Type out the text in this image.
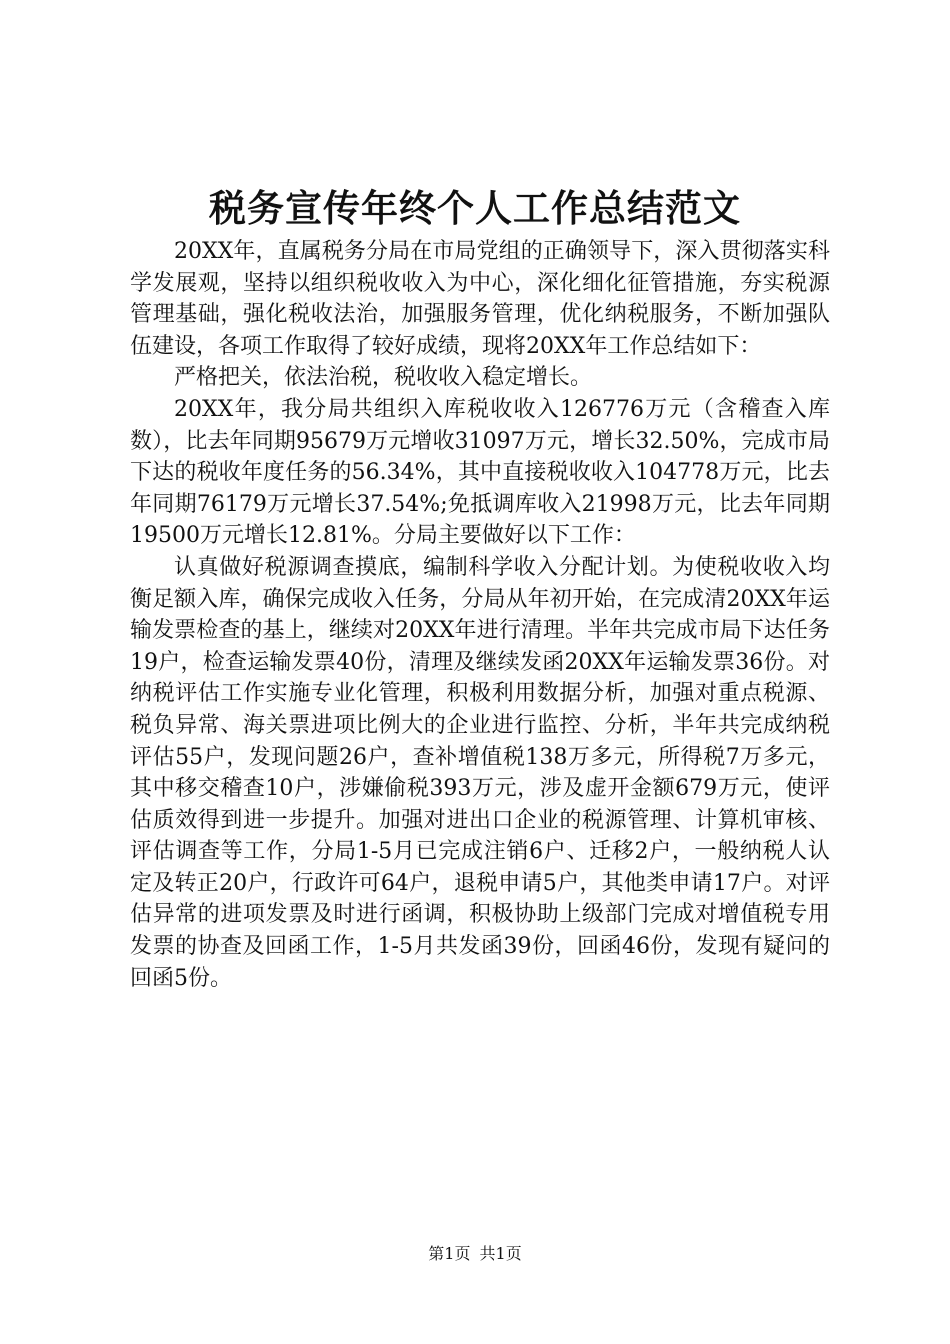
税务宣传年终个人工作总结范文

20XX年，直属税务分局在市局党组的正确领导下，深入贯彻落实科学发展观，坚持以组织税收收入为中心，深化细化征管措施，夯实税源管理基础，强化税收法治，加强服务管理，优化纳税服务，不断加强队伍建设，各项工作取得了较好成绩，现将20XX年工作总结如下：

严格把关，依法治税，税收收入稳定增长。

20XX年，我分局共组织入库税收收入126776万元（含稽查入库数），比去年同期95679万元增收31097万元，增长32.50%，完成市局下达的税收年度任务的56.34%，其中直接税收收入104778万元，比去年同期76179万元增长37.54%;免抵调库收入21998万元，比去年同期19500万元增长12.81%。分局主要做好以下工作：

认真做好税源调查摸底，编制科学收入分配计划。为使税收收入均衡足额入库，确保完成收入任务，分局从年初开始，在完成清20XX年运输发票检查的基上，继续对20XX年进行清理。半年共完成市局下达任务19户，检查运输发票40份，清理及继续发函20XX年运输发票36份。对纳税评估工作实施专业化管理，积极利用数据分析，加强对重点税源、税负异常、海关票进项比例大的企业进行监控、分析，半年共完成纳税评估55户，发现问题26户，查补增值税138万多元，所得税7万多元，其中移交稽查10户，涉嫌偷税393万元，涉及虚开金额679万元，使评估质效得到进一步提升。加强对进出口企业的税源管理、计算机审核、评估调查等工作，分局1-5月已完成注销6户、迁移2户，一般纳税人认定及转正20户，行政许可64户，退税申请5户，其他类申请17户。对评估异常的进项发票及时进行函调，积极协助上级部门完成对增值税专用发票的协查及回函工作，1-5月共发函39份，回函46份，发现有疑问的回函5份。

第1页 共1页
